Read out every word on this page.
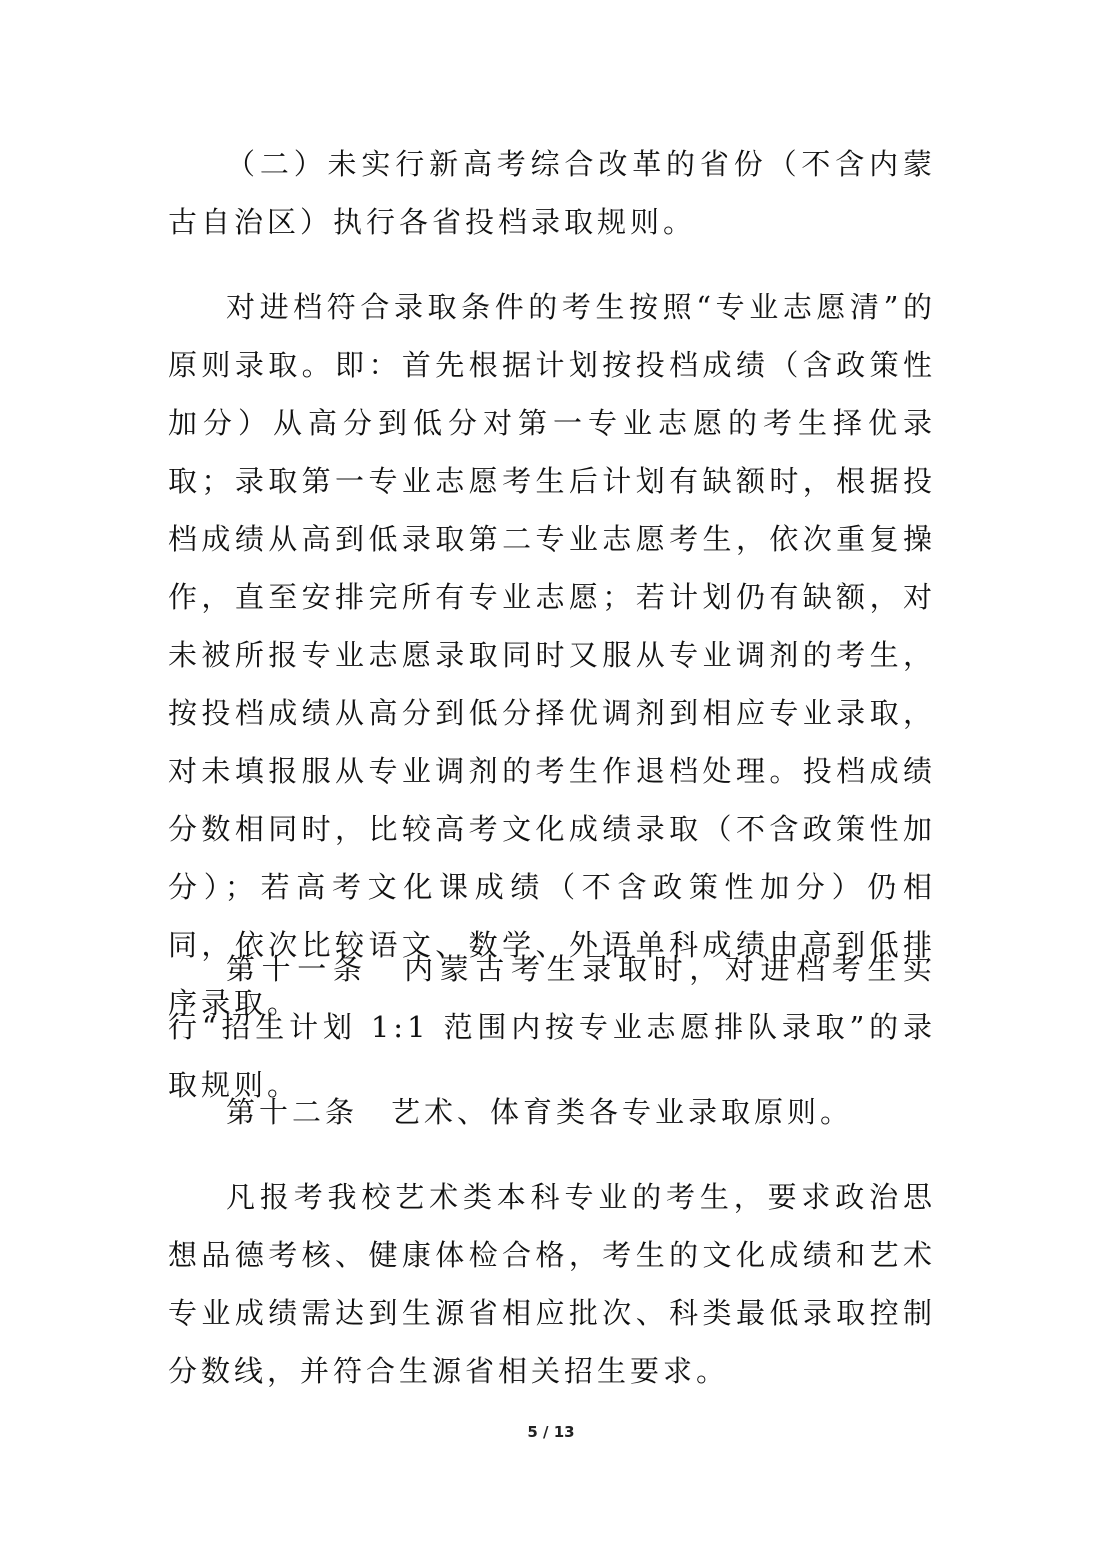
（二）未实行新高考综合改革的省份（不含内蒙古自治区）执行各省投档录取规则。

对进档符合录取条件的考生按照“专业志愿清”的原则录取。即：首先根据计划按投档成绩（含政策性加分）从高分到低分对第一专业志愿的考生择优录取；录取第一专业志愿考生后计划有缺额时，根据投档成绩从高到低录取第二专业志愿考生，依次重复操作，直至安排完所有专业志愿；若计划仍有缺额，对未被所报专业志愿录取同时又服从专业调剂的考生，按投档成绩从高分到低分择优调剂到相应专业录取，对未填报服从专业调剂的考生作退档处理。投档成绩分数相同时，比较高考文化成绩录取（不含政策性加分）；若高考文化课成绩（不含政策性加分）仍相同，依次比较语文、数学、外语单科成绩由高到低排序录取。

第十一条　内蒙古考生录取时，对进档考生实行“招生计划 1:1 范围内按专业志愿排队录取”的录取规则。

第十二条　艺术、体育类各专业录取原则。

凡报考我校艺术类本科专业的考生，要求政治思想品德考核、健康体检合格，考生的文化成绩和艺术专业成绩需达到生源省相应批次、科类最低录取控制分数线，并符合生源省相关招生要求。

5 / 13
